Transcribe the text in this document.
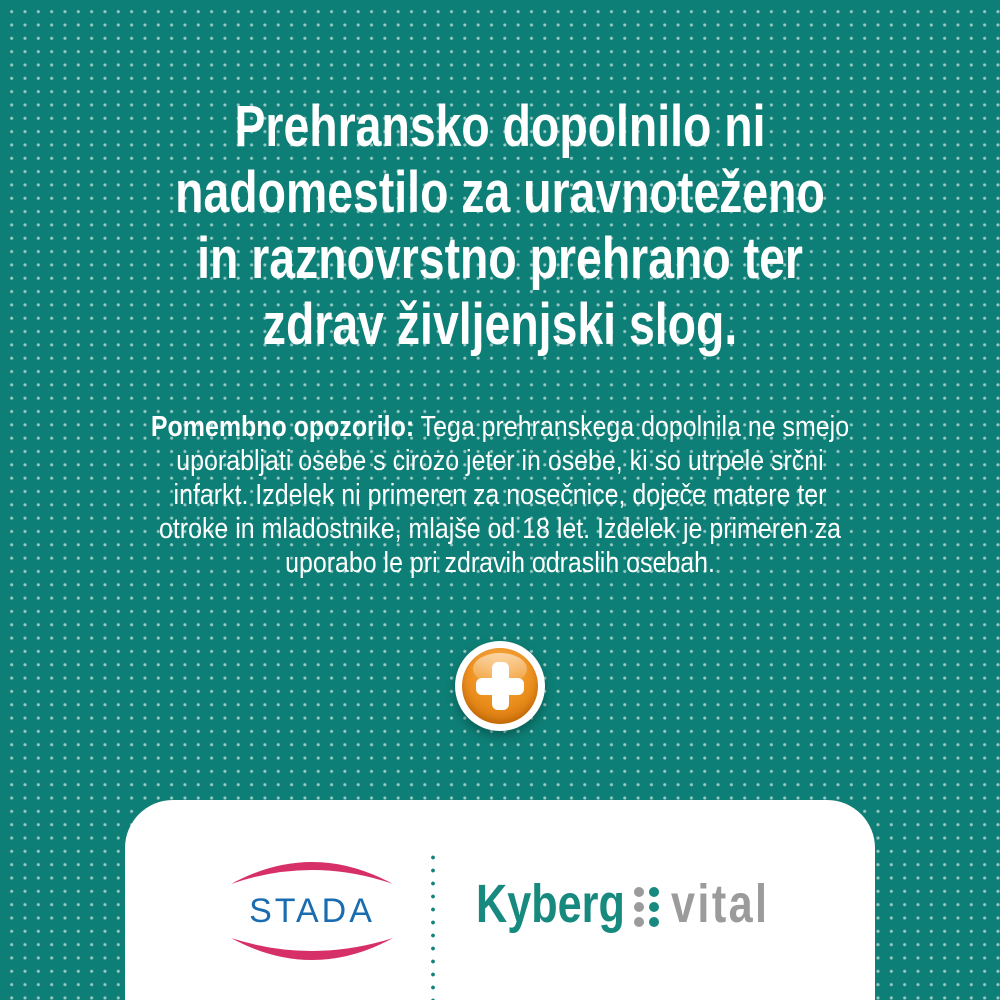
Prehransko dopolnilo ni
nadomestilo za uravnoteženo
in raznovrstno prehrano ter
zdrav življenjski slog.
Pomembno opozorilo: Tega prehranskega dopolnila ne smejo
uporabljati osebe s cirozo jeter in osebe, ki so utrpele srčni
infarkt. Izdelek ni primeren za nosečnice, doječe matere ter
otroke in mladostnike, mlajše od 18 let. Izdelek je primeren za
uporabo le pri zdravih odraslih osebah.
STADA Kyberg vital
